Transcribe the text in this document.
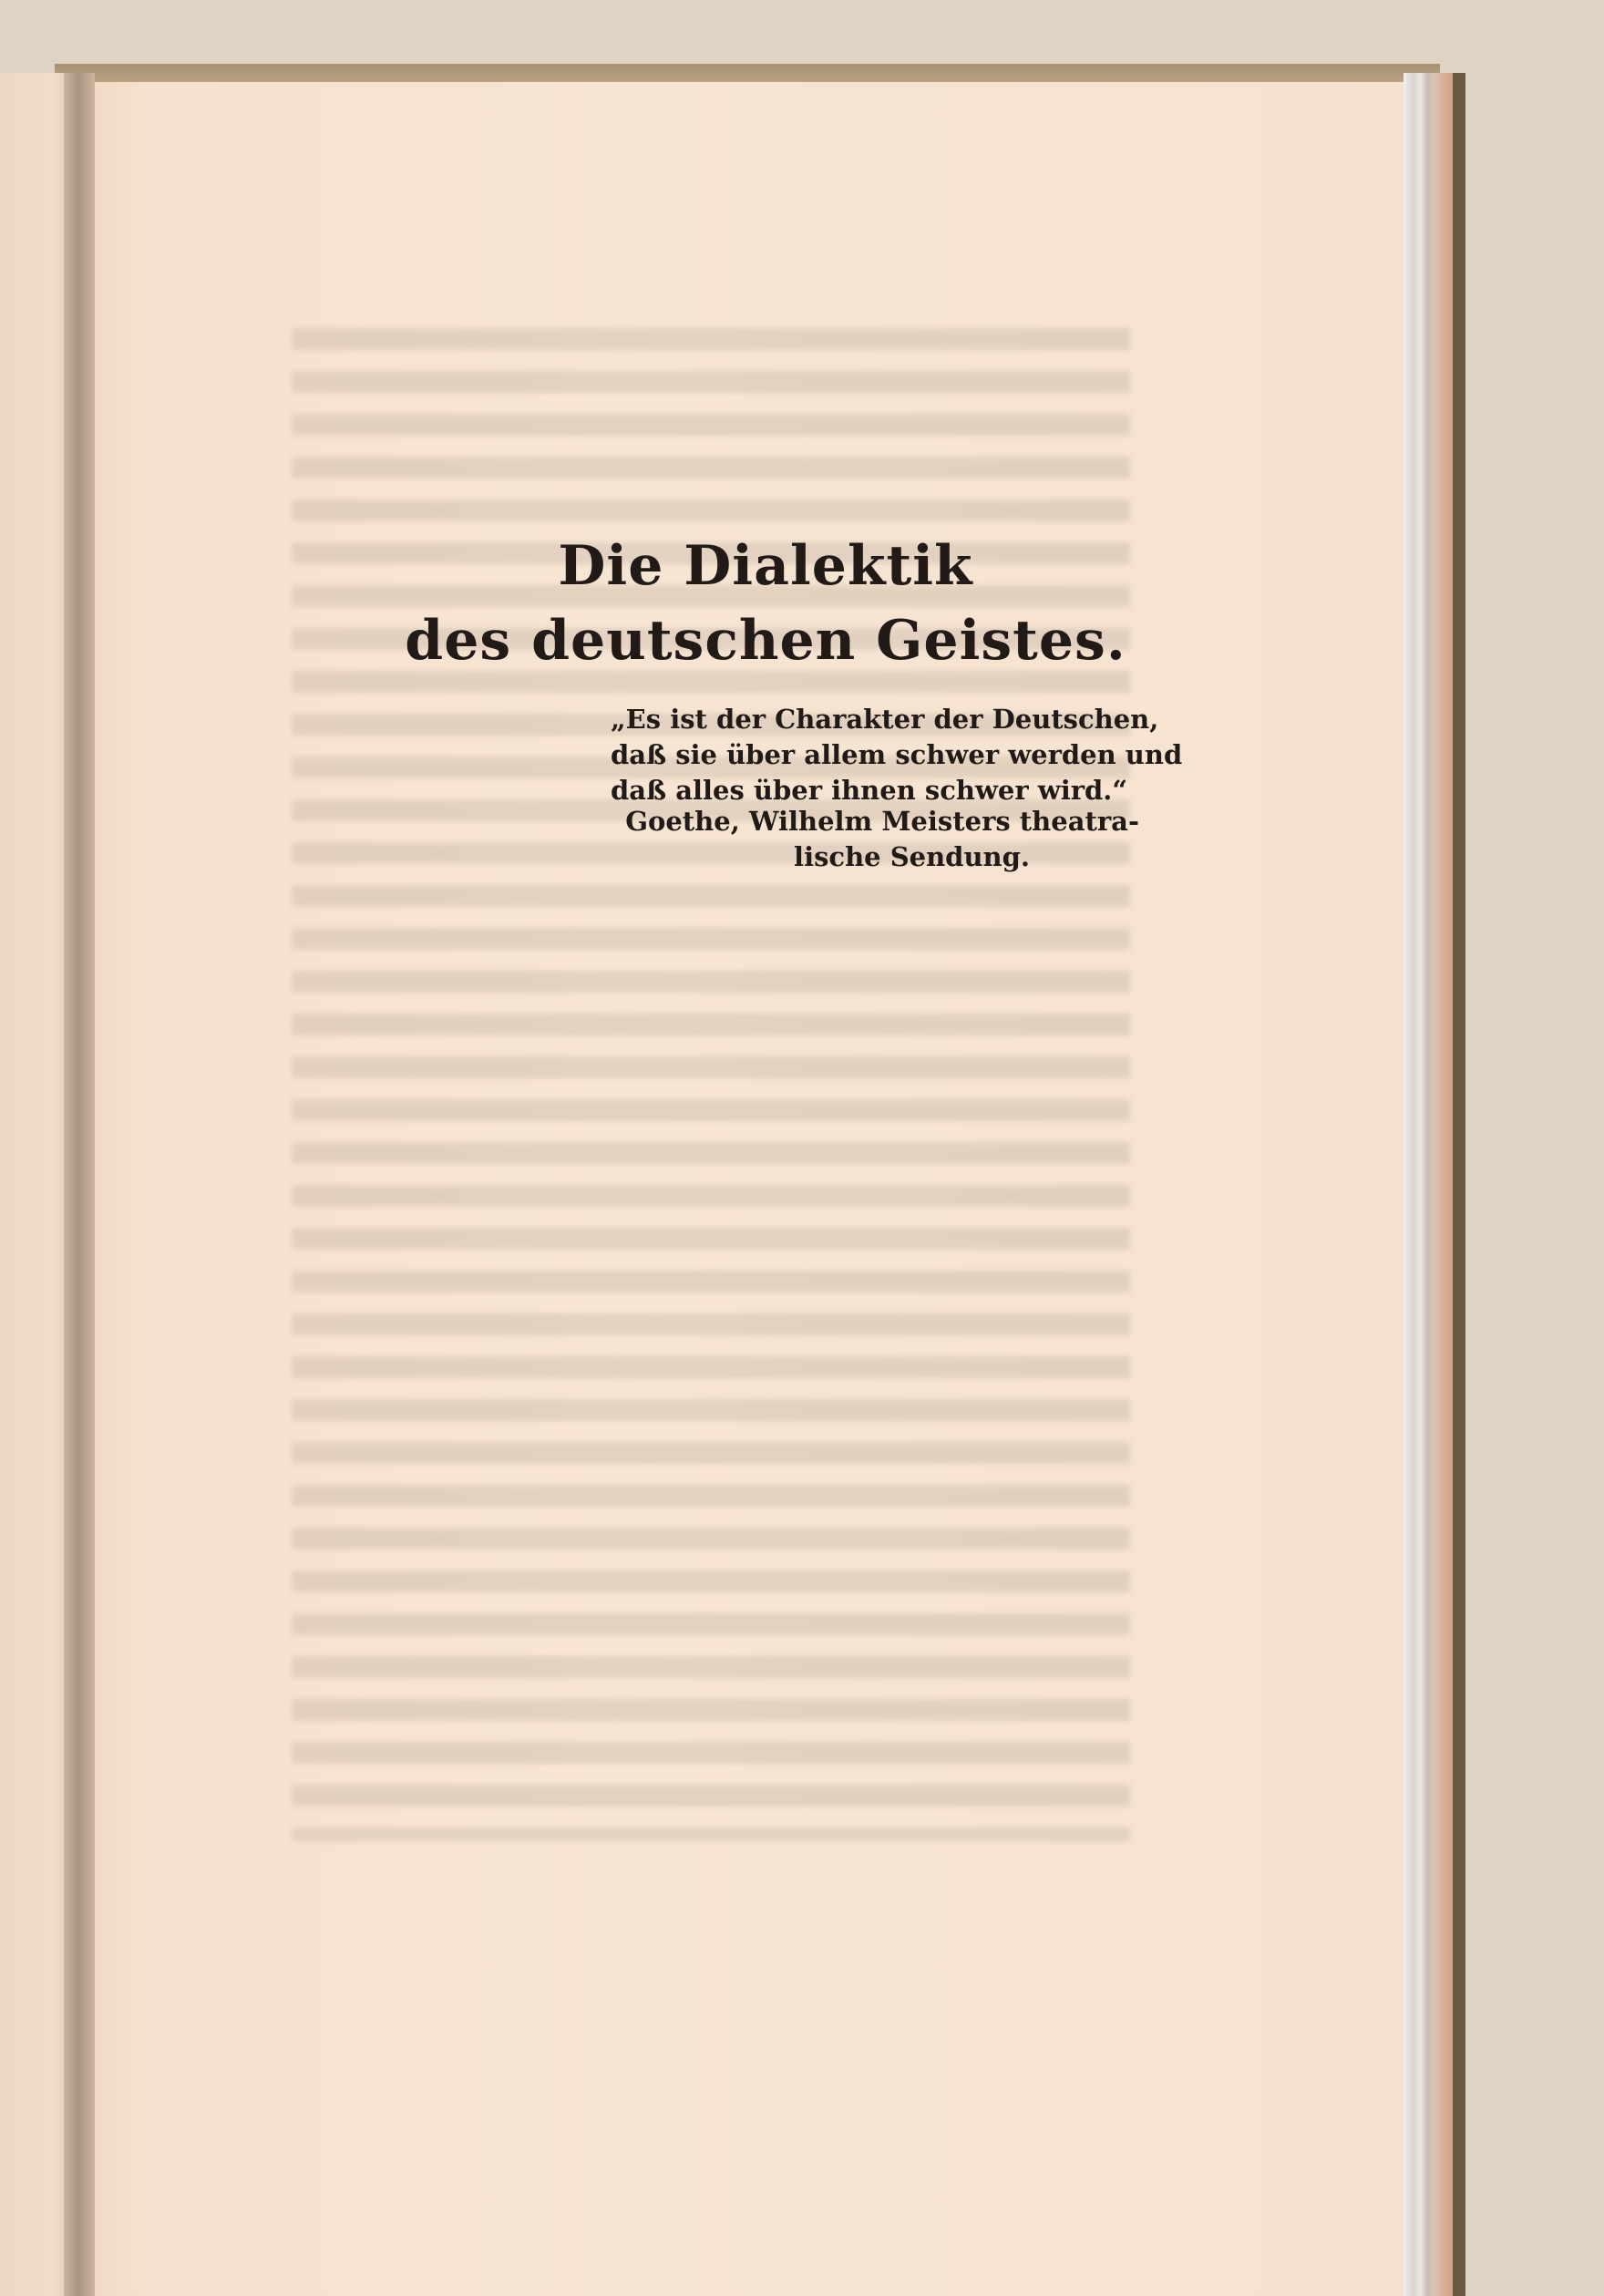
Die Dialektik
des deutschen Geistes.
„Es ist der Charakter der Deutschen,
daß sie über allem schwer werden und
daß alles über ihnen schwer wird.“
Goethe, Wilhelm Meisters theatra-
lische Sendung.
